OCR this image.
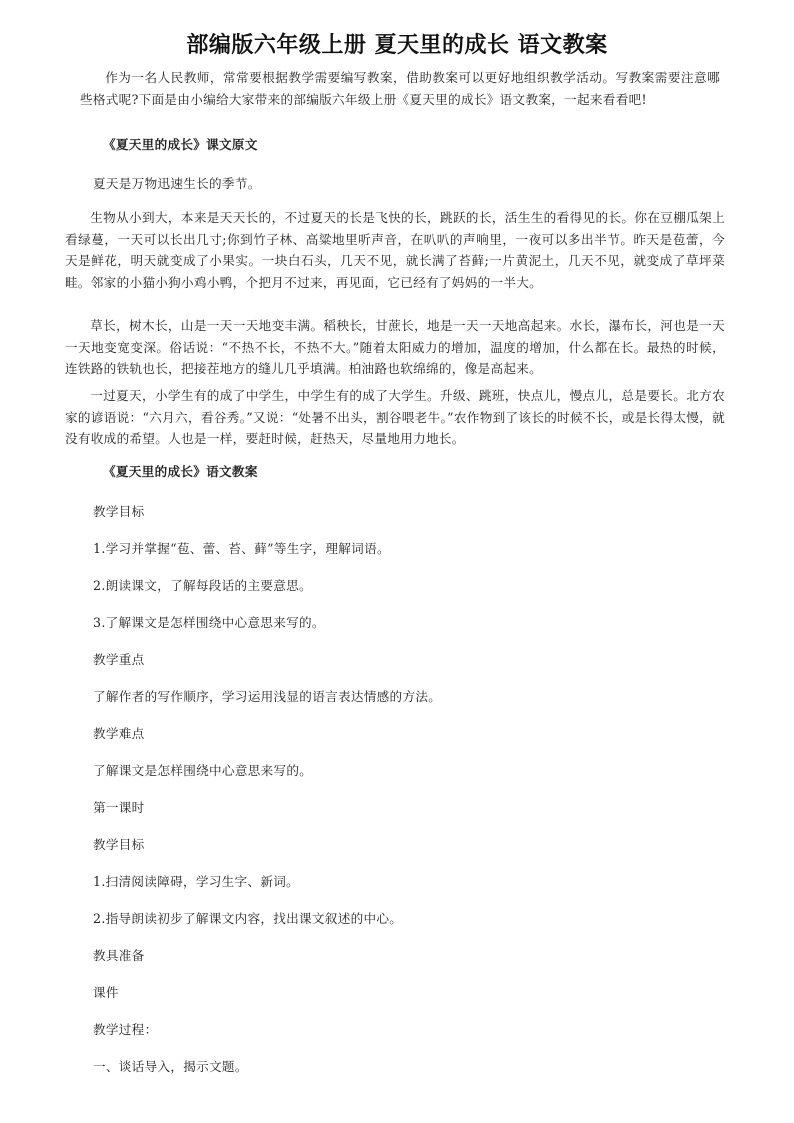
部编版六年级上册 夏天里的成长 语文教案

作为一名人民教师，常常要根据教学需要编写教案，借助教案可以更好地组织教学活动。写教案需要注意哪些格式呢?下面是由小编给大家带来的部编版六年级上册《夏天里的成长》语文教案，一起来看看吧!

《夏天里的成长》课文原文

夏天是万物迅速生长的季节。

生物从小到大，本来是天天长的，不过夏天的长是飞快的长，跳跃的长，活生生的看得见的长。你在豆棚瓜架上看绿蔓，一天可以长出几寸;你到竹子林、高粱地里听声音，在叭叭的声响里，一夜可以多出半节。昨天是苞蕾，今天是鲜花，明天就变成了小果实。一块白石头，几天不见，就长满了苔藓;一片黄泥土，几天不见，就变成了草坪菜畦。邻家的小猫小狗小鸡小鸭，个把月不过来，再见面，它已经有了妈妈的一半大。

草长，树木长，山是一天一天地变丰满。稻秧长，甘蔗长，地是一天一天地高起来。水长，瀑布长，河也是一天一天地变宽变深。俗话说：“不热不长，不热不大。”随着太阳威力的增加，温度的增加，什么都在长。最热的时候，连铁路的铁轨也长，把接茬地方的缝儿几乎填满。柏油路也软绵绵的，像是高起来。

一过夏天，小学生有的成了中学生，中学生有的成了大学生。升级、跳班，快点儿，慢点儿，总是要长。北方农家的谚语说：“六月六，看谷秀。”又说：“处暑不出头，割谷喂老牛。”农作物到了该长的时候不长，或是长得太慢，就没有收成的希望。人也是一样，要赶时候，赶热天，尽量地用力地长。

《夏天里的成长》语文教案

教学目标

1.学习并掌握“苞、蕾、苔、藓”等生字，理解词语。

2.朗读课文，了解每段话的主要意思。

3.了解课文是怎样围绕中心意思来写的。

教学重点

了解作者的写作顺序，学习运用浅显的语言表达情感的方法。

教学难点

了解课文是怎样围绕中心意思来写的。

第一课时

教学目标

1.扫清阅读障碍，学习生字、新词。

2.指导朗读初步了解课文内容，找出课文叙述的中心。

教具准备

课件

教学过程：

一、谈话导入，揭示文题。
